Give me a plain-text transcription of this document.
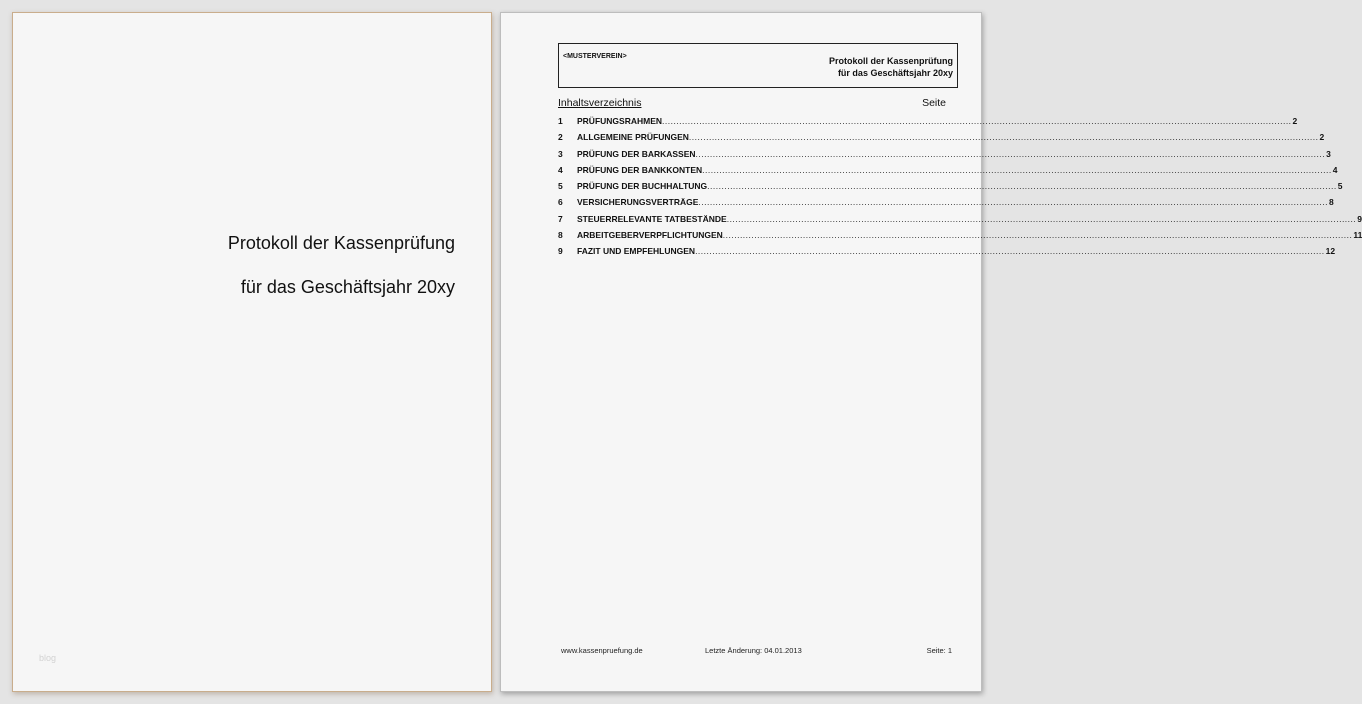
Protokoll der Kassenprüfung
für das Geschäftsjahr 20xy
blog
<MUSTERVEREIN>	Protokoll der Kassenprüfung
für das Geschäftsjahr 20xy
Inhaltsverzeichnis	Seite
1	PRÜFUNGSRAHMEN ............................................................................................................................................................................................................................ 2
2	ALLGEMEINE PRÜFUNGEN ............................................................................................................................................................................................................................ 2
3	PRÜFUNG DER BARKASSEN ............................................................................................................................................................................................................................ 3
4	PRÜFUNG DER BANKKONTEN ............................................................................................................................................................................................................................ 4
5	PRÜFUNG DER BUCHHALTUNG ............................................................................................................................................................................................................................ 5
6	VERSICHERUNGSVERTRÄGE ............................................................................................................................................................................................................................ 8
7	STEUERRELEVANTE TATBESTÄNDE ............................................................................................................................................................................................................................ 9
8	ARBEITGEBERVERPFLICHTUNGEN ............................................................................................................................................................................................................................ 11
9	FAZIT UND EMPFEHLUNGEN ............................................................................................................................................................................................................................ 12
www.kassenpruefung.de	Letzte Änderung: 04.01.2013	Seite: 1
